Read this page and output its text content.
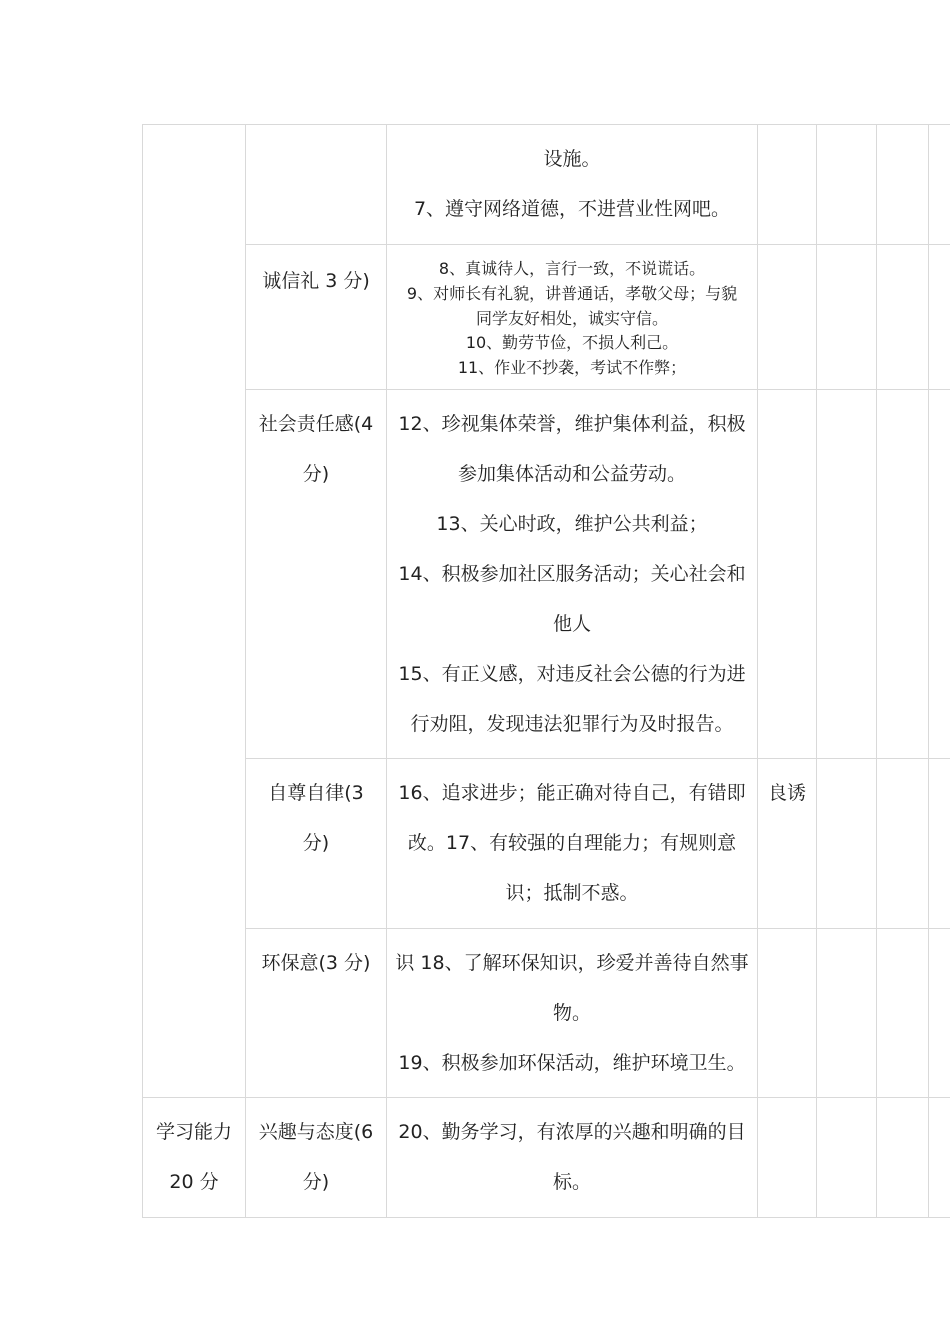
		设施。

7、遵守网络道德，不进营业性网吧。				

	诚信礼 3 分)	8、真诚待人，言行一致，不说谎话。

9、对师长有礼貌，讲普通话，孝敬父母；与貌

同学友好相处，诚实守信。

10、勤劳节俭，不损人利己。

11、作业不抄袭，考试不作弊；				

	社会责任感(4 分)	12、珍视集体荣誉，维护集体利益，积极参加集体活动和公益劳动。

13、关心时政，维护公共利益；

14、积极参加社区服务活动；关心社会和他人

15、有正义感，对违反社会公德的行为进行劝阻，发现违法犯罪行为及时报告。				

	自尊自律(3 分)	16、追求进步；能正确对待自己，有错即改。17、有较强的自理能力；有规则意识；抵制不惑。	良诱			
	环保意(3 分)	识 18、了解环保知识，珍爱并善待自然事物。

19、积极参加环保活动，维护环境卫生。				

学习能力 20 分	兴趣与态度(6 分)	20、勤务学习，有浓厚的兴趣和明确的目标。				
